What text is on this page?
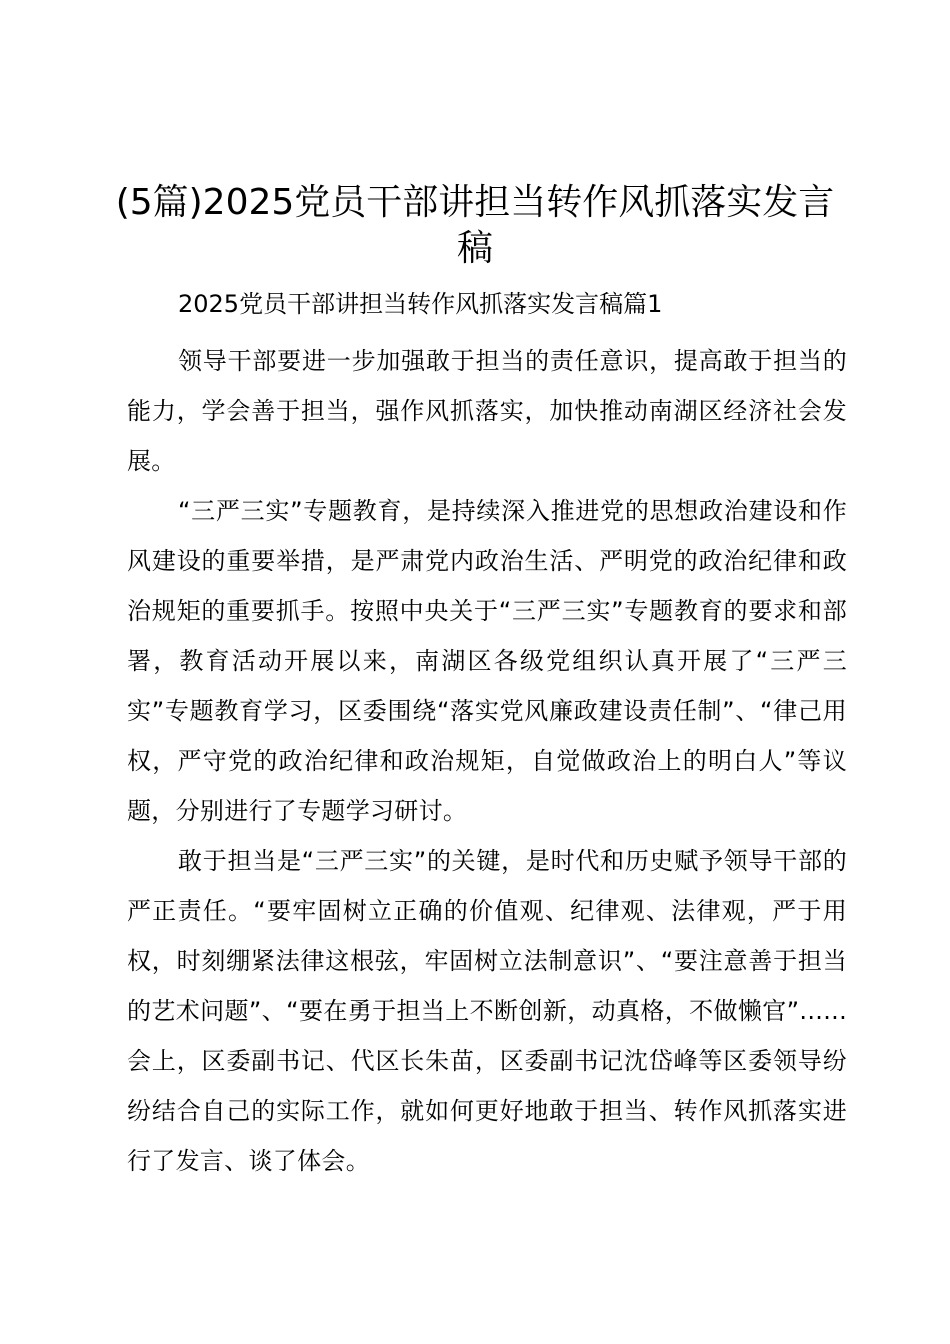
(5篇)2025党员干部讲担当转作风抓落实发言稿

2025党员干部讲担当转作风抓落实发言稿篇1

领导干部要进一步加强敢于担当的责任意识，提高敢于担当的能力，学会善于担当，强作风抓落实，加快推动南湖区经济社会发展。

“三严三实”专题教育，是持续深入推进党的思想政治建设和作风建设的重要举措，是严肃党内政治生活、严明党的政治纪律和政治规矩的重要抓手。按照中央关于“三严三实”专题教育的要求和部署，教育活动开展以来，南湖区各级党组织认真开展了“三严三实”专题教育学习，区委围绕“落实党风廉政建设责任制”、“律己用权，严守党的政治纪律和政治规矩，自觉做政治上的明白人”等议题，分别进行了专题学习研讨。

敢于担当是“三严三实”的关键，是时代和历史赋予领导干部的严正责任。“要牢固树立正确的价值观、纪律观、法律观，严于用权，时刻绷紧法律这根弦，牢固树立法制意识”、“要注意善于担当的艺术问题”、“要在勇于担当上不断创新，动真格，不做懒官”......会上，区委副书记、代区长朱苗，区委副书记沈岱峰等区委领导纷纷结合自己的实际工作，就如何更好地敢于担当、转作风抓落实进行了发言、谈了体会。
